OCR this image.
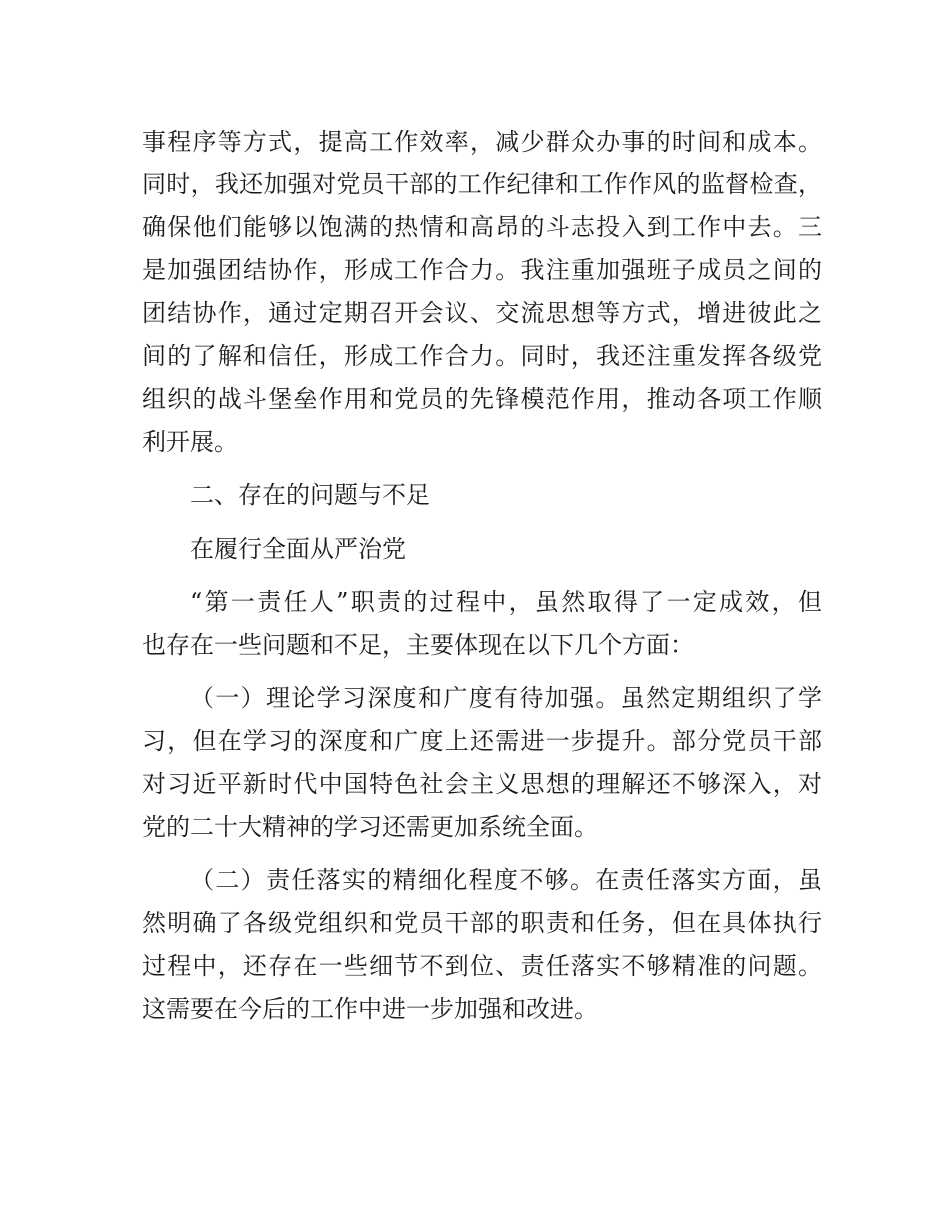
事程序等方式，提高工作效率，减少群众办事的时间和成本。
同时，我还加强对党员干部的工作纪律和工作作风的监督检查，
确保他们能够以饱满的热情和高昂的斗志投入到工作中去。三
是加强团结协作，形成工作合力。我注重加强班子成员之间的
团结协作，通过定期召开会议、交流思想等方式，增进彼此之
间的了解和信任，形成工作合力。同时，我还注重发挥各级党
组织的战斗堡垒作用和党员的先锋模范作用，推动各项工作顺
利开展。
二、存在的问题与不足
在履行全面从严治党
“第一责任人”职责的过程中，虽然取得了一定成效，但
也存在一些问题和不足，主要体现在以下几个方面：
（一）理论学习深度和广度有待加强。虽然定期组织了学
习，但在学习的深度和广度上还需进一步提升。部分党员干部
对习近平新时代中国特色社会主义思想的理解还不够深入，对
党的二十大精神的学习还需更加系统全面。
（二）责任落实的精细化程度不够。在责任落实方面，虽
然明确了各级党组织和党员干部的职责和任务，但在具体执行
过程中，还存在一些细节不到位、责任落实不够精准的问题。
这需要在今后的工作中进一步加强和改进。
